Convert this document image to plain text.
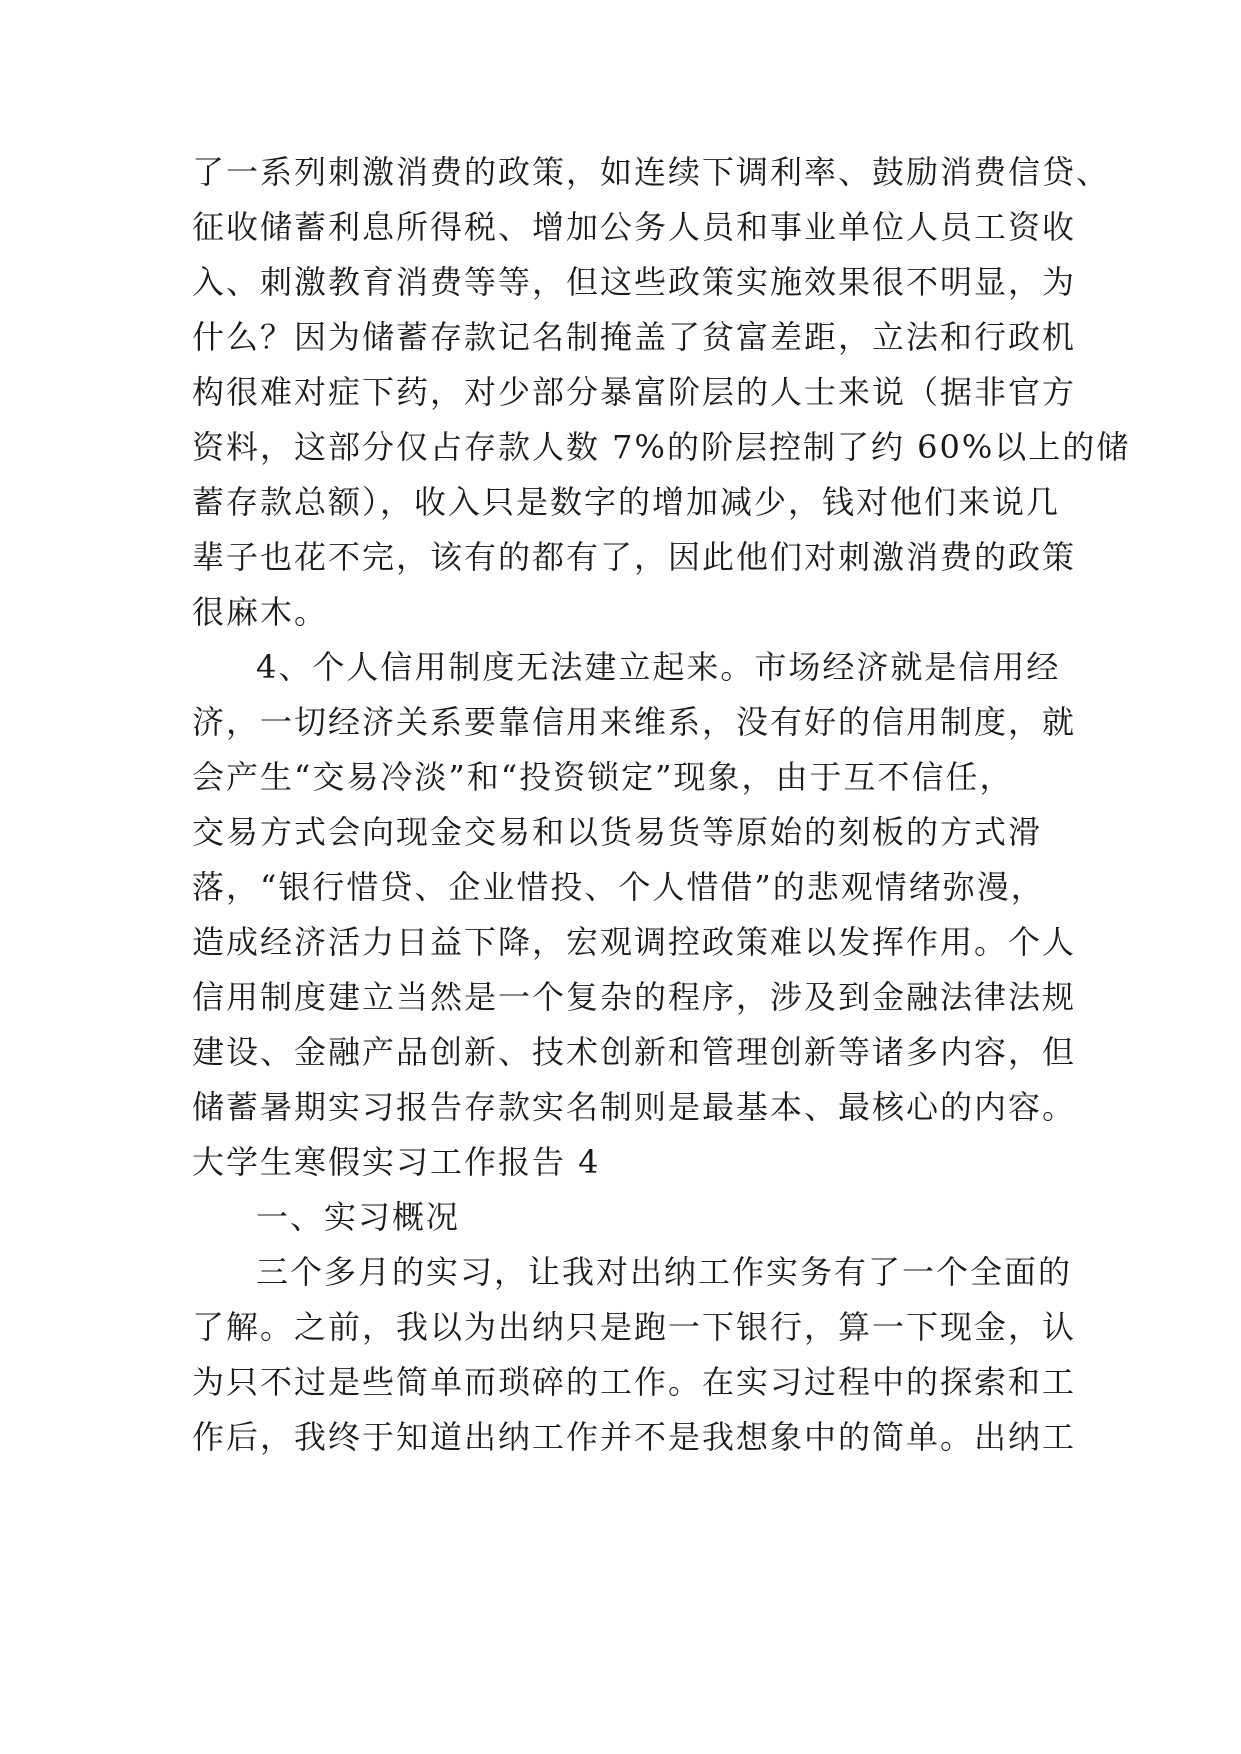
了一系列刺激消费的政策，如连续下调利率、鼓励消费信贷、
征收储蓄利息所得税、增加公务人员和事业单位人员工资收
入、刺激教育消费等等，但这些政策实施效果很不明显，为
什么？因为储蓄存款记名制掩盖了贫富差距，立法和行政机
构很难对症下药，对少部分暴富阶层的人士来说（据非官方
资料，这部分仅占存款人数 7%的阶层控制了约 60%以上的储
蓄存款总额），收入只是数字的增加减少，钱对他们来说几
辈子也花不完，该有的都有了，因此他们对刺激消费的政策
很麻木。
4、个人信用制度无法建立起来。市场经济就是信用经
济，一切经济关系要靠信用来维系，没有好的信用制度，就
会产生“交易冷淡”和“投资锁定”现象，由于互不信任，
交易方式会向现金交易和以货易货等原始的刻板的方式滑
落，“银行惜贷、企业惜投、个人惜借”的悲观情绪弥漫，
造成经济活力日益下降，宏观调控政策难以发挥作用。个人
信用制度建立当然是一个复杂的程序，涉及到金融法律法规
建设、金融产品创新、技术创新和管理创新等诸多内容，但
储蓄暑期实习报告存款实名制则是最基本、最核心的内容。
大学生寒假实习工作报告 4
一、实习概况
三个多月的实习，让我对出纳工作实务有了一个全面的
了解。之前，我以为出纳只是跑一下银行，算一下现金，认
为只不过是些简单而琐碎的工作。在实习过程中的探索和工
作后，我终于知道出纳工作并不是我想象中的简单。出纳工
